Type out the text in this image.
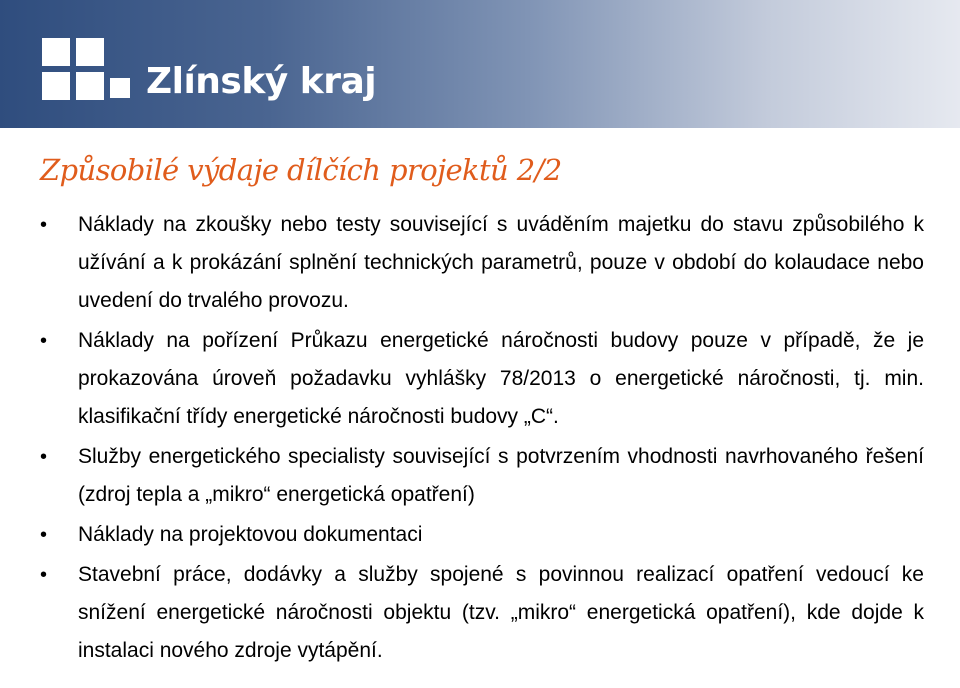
Zlínský kraj
Způsobilé výdaje dílčích projektů 2/2
• Náklady na zkoušky nebo testy související s uváděním majetku do stavu způsobilého k užívání a k prokázání splnění technických parametrů, pouze v období do kolaudace nebo uvedení do trvalého provozu.
• Náklady na pořízení Průkazu energetické náročnosti budovy pouze v případě, že je prokazována úroveň požadavku vyhlášky 78/2013 o energetické náročnosti, tj. min. klasifikační třídy energetické náročnosti budovy „C“.
• Služby energetického specialisty související s potvrzením vhodnosti navrhovaného řešení (zdroj tepla a „mikro“ energetická opatření)
• Náklady na projektovou dokumentaci
• Stavební práce, dodávky a služby spojené s povinnou realizací opatření vedoucí ke snížení energetické náročnosti objektu (tzv. „mikro“ energetická opatření), kde dojde k instalaci nového zdroje vytápění.
